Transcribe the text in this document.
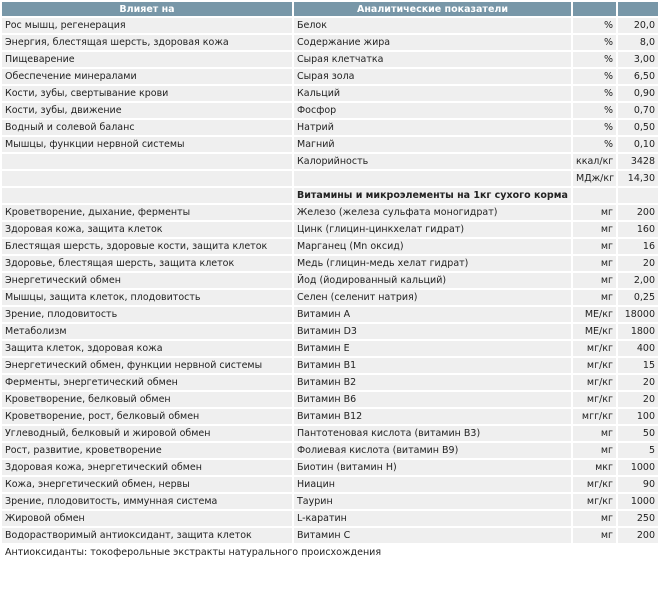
Влияет на	Аналитические показатели		
Рос мышц, регенерация	Белок	%	20,0
Энергия, блестящая шерсть, здоровая кожа	Содержание жира	%	8,0
Пищеварение	Сырая клетчатка	%	3,00
Обеспечение минералами	Сырая зола	%	6,50
Кости, зубы, свертывание крови	Кальций	%	0,90
Кости, зубы, движение	Фосфор	%	0,70
Водный и солевой баланс	Натрий	%	0,50
Мышцы, функции нервной системы	Магний	%	0,10
	Калорийность	ккал/кг	3428
		МДж/кг	14,30
	Витамины и микроэлементы на 1кг сухого корма		
Кроветворение, дыхание, ферменты	Железо (железа сульфата моногидрат)	мг	200
Здоровая кожа, защита клеток	Цинк (глицин-цинкхелат гидрат)	мг	160
Блестящая шерсть, здоровые кости, защита клеток	Марганец (Мn оксид)	мг	16
Здоровье, блестящая шерсть, защита клеток	Медь (глицин-медь хелат гидрат)	мг	20
Энергетический обмен	Йод (йодированный кальций)	мг	2,00
Мышцы, защита клеток, плодовитость	Селен (селенит натрия)	мг	0,25
Зрение, плодовитость	Витамин А	МЕ/кг	18000
Метаболизм	Витамин D3	МЕ/кг	1800
Защита клеток, здоровая кожа	Витамин Е	мг/кг	400
Энергетический обмен, функции нервной системы	Витамин В1	мг/кг	15
Ферменты, энергетический обмен	Витамин В2	мг/кг	20
Кроветворение, белковый обмен	Витамин В6	мг/кг	20
Кроветворение, рост, белковый обмен	Витамин В12	мгг/кг	100
Углеводный, белковый и жировой обмен	Пантотеновая кислота (витамин В3)	мг	50
Рост, развитие, кроветворение	Фолиевая кислота (витамин В9)	мг	5
Здоровая кожа, энергетический обмен	Биотин (витамин Н)	мкг	1000
Кожа, энергетический обмен, нервы	Ниацин	мг/кг	90
Зрение, плодовитость, иммунная система	Таурин	мг/кг	1000
Жировой обмен	L-каратин	мг	250
Водорастворимый антиоксидант, защита клеток	Витамин С	мг	200
Антиоксиданты: токоферольные экстракты натурального происхождения			
